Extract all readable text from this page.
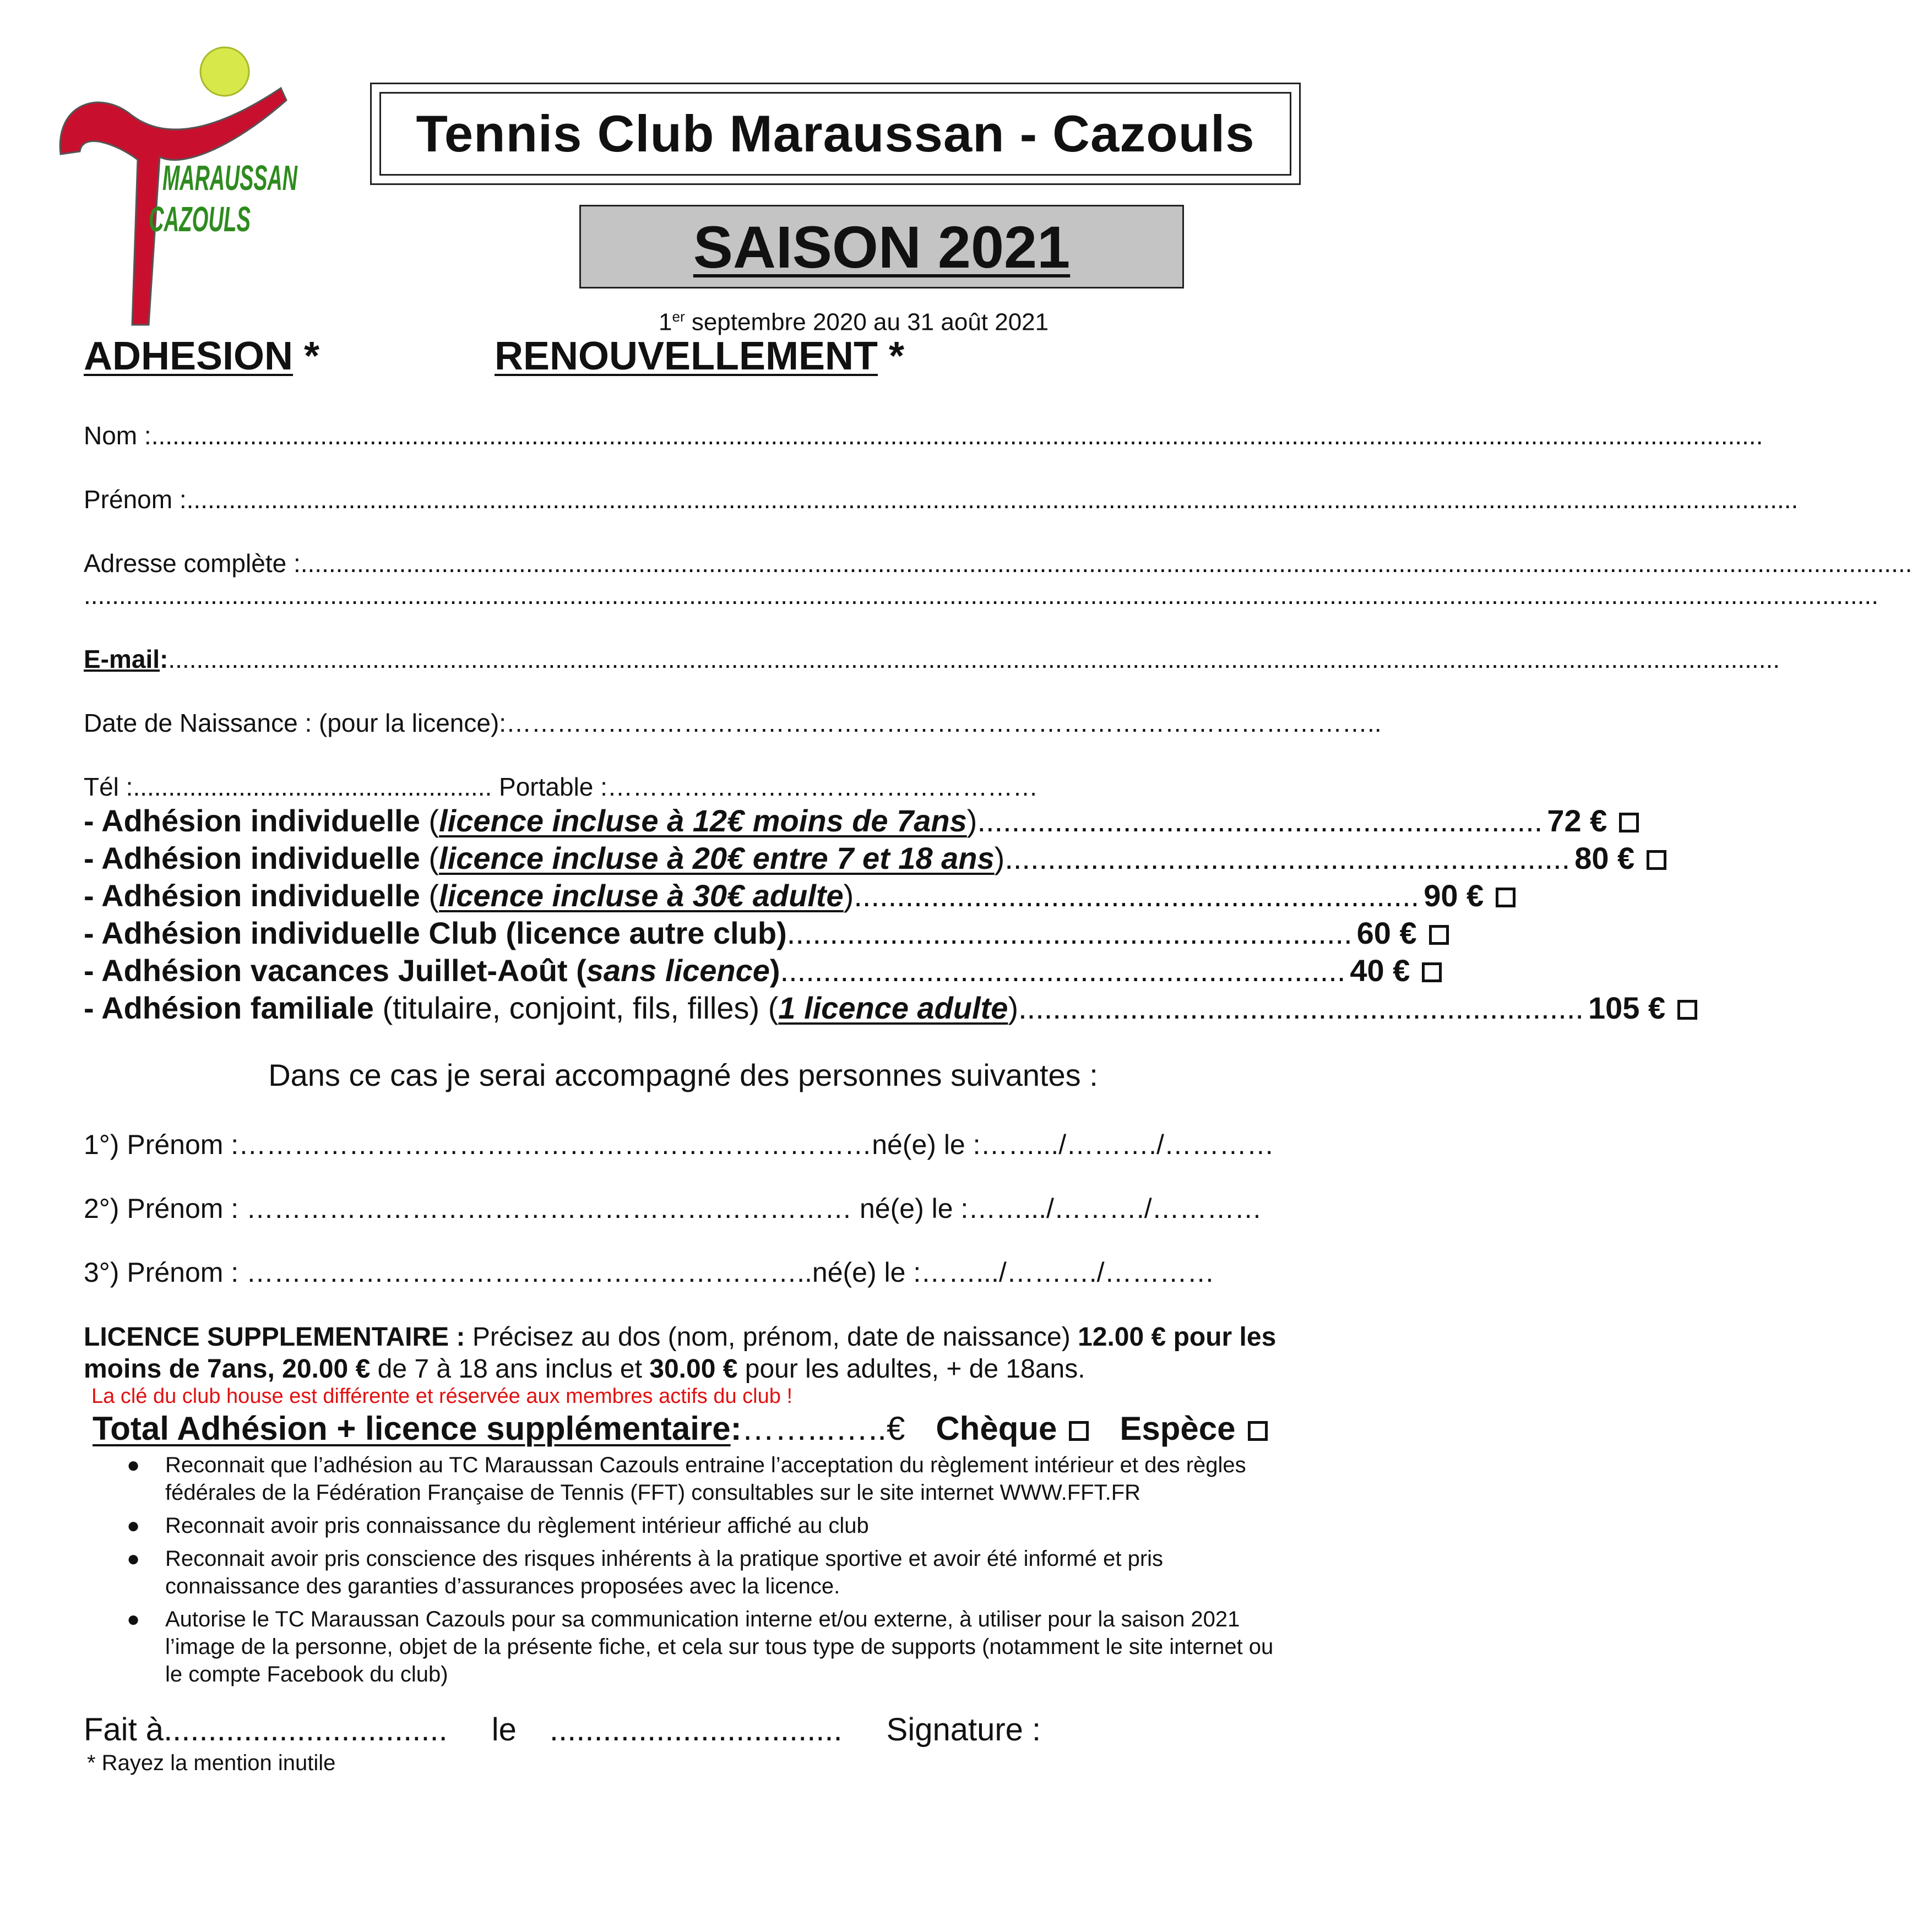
MARAUSSAN
CAZOULS
Tennis Club Maraussan - Cazouls
SAISON 2021
1er septembre 2020 au 31 août 2021
ADHESION *	RENOUVELLEMENT *
Nom : .....................................................................................................................................................................................................................................
Prénom : .....................................................................................................................................................................................................................................
Adresse complète : .....................................................................................................................................................................................................................................
...............................................................................................................................................................................................................................................................
E-mail : .....................................................................................................................................................................................................................................
Date de Naissance : (pour la licence): …………………………………………………………………………………………..
Tél :................................................... Portable :……………………………………………
- Adhésion individuelle (licence incluse à 12€ moins de 7ans) .................................................................. 72 €
- Adhésion individuelle (licence incluse à 20€ entre 7 et 18 ans) .................................................................. 80 €
- Adhésion individuelle (licence incluse à 30€ adulte) .................................................................. 90 €
- Adhésion individuelle Club (licence autre club) .................................................................. 60 €
- Adhésion vacances Juillet-Août (sans licence) .................................................................. 40 €
- Adhésion familiale (titulaire, conjoint, fils, filles) (1 licence adulte) .................................................................. 105 €
Dans ce cas je serai accompagné des personnes suivantes :
1°) Prénom :……………………………………………………………né(e) le :…….../………./…………
2°) Prénom : ………………………………………………………… né(e) le :…….../………./…………
3°) Prénom : ……………………………………………………..né(e) le :…….../………./…………
LICENCE SUPPLEMENTAIRE : Précisez au dos (nom, prénom, date de naissance) 12.00 € pour les moins de 7ans, 20.00 € de 7 à 18 ans inclus et 30.00 € pour les adultes, + de 18ans.
La clé du club house est différente et réservée aux membres actifs du club !
Total Adhésion + licence supplémentaire : ……...…..€ Chèque	Espèce
● Reconnait que l’adhésion au TC Maraussan Cazouls entraine l’acceptation du règlement intérieur et des règles fédérales de la Fédération Française de Tennis (FFT) consultables sur le site internet WWW.FFT.FR
● Reconnait avoir pris connaissance du règlement intérieur affiché au club
● Reconnait avoir pris conscience des risques inhérents à la pratique sportive et avoir été informé et pris connaissance des garanties d’assurances proposées avec la licence.
● Autorise le TC Maraussan Cazouls pour sa communication interne et/ou externe, à utiliser pour la saison 2021 l’image de la personne, objet de la présente fiche, et cela sur tous type de supports (notamment le site internet ou le compte Facebook du club)
Fait à................................ le ................................. Signature :
* Rayez la mention inutile
